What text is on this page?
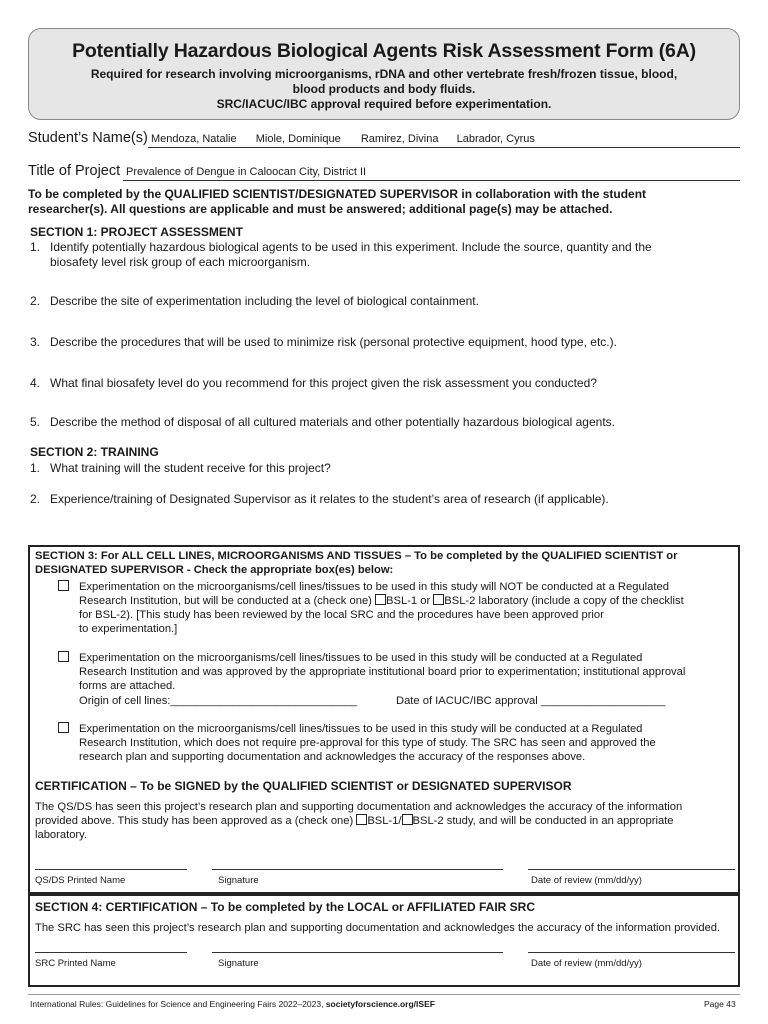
Potentially Hazardous Biological Agents Risk Assessment Form (6A)
Required for research involving microorganisms, rDNA and other vertebrate fresh/frozen tissue, blood,
blood products and body fluids.
SRC/IACUC/IBC approval required before experimentation.
Student’s Name(s) Mendoza, Natalie Miole, Dominique Ramirez, Divina Labrador, Cyrus
Title of Project Prevalence of Dengue in Caloocan City, District II
To be completed by the QUALIFIED SCIENTIST/DESIGNATED SUPERVISOR in collaboration with the student
researcher(s). All questions are applicable and must be answered; additional page(s) may be attached.
SECTION 1: PROJECT ASSESSMENT
1. Identify potentially hazardous biological agents to be used in this experiment. Include the source, quantity and the
biosafety level risk group of each microorganism.
2. Describe the site of experimentation including the level of biological containment.
3. Describe the procedures that will be used to minimize risk (personal protective equipment, hood type, etc.).
4. What final biosafety level do you recommend for this project given the risk assessment you conducted?
5. Describe the method of disposal of all cultured materials and other potentially hazardous biological agents.
SECTION 2: TRAINING
1. What training will the student receive for this project?
2. Experience/training of Designated Supervisor as it relates to the student’s area of research (if applicable).
SECTION 3: For ALL CELL LINES, MICROORGANISMS AND TISSUES – To be completed by the QUALIFIED SCIENTIST or
DESIGNATED SUPERVISOR - Check the appropriate box(es) below:
Experimentation on the microorganisms/cell lines/tissues to be used in this study will NOT be conducted at a Regulated
Research Institution, but will be conducted at a (check one) BSL-1 or BSL-2 laboratory (include a copy of the checklist
for BSL-2). [This study has been reviewed by the local SRC and the procedures have been approved prior
to experimentation.]
Experimentation on the microorganisms/cell lines/tissues to be used in this study will be conducted at a Regulated
Research Institution and was approved by the appropriate institutional board prior to experimentation; institutional approval
forms are attached.
Origin of cell lines:______________________________	Date of IACUC/IBC approval ____________________
Experimentation on the microorganisms/cell lines/tissues to be used in this study will be conducted at a Regulated
Research Institution, which does not require pre-approval for this type of study. The SRC has seen and approved the
research plan and supporting documentation and acknowledges the accuracy of the responses above.
CERTIFICATION – To be SIGNED by the QUALIFIED SCIENTIST or DESIGNATED SUPERVISOR
The QS/DS has seen this project’s research plan and supporting documentation and acknowledges the accuracy of the information
provided above. This study has been approved as a (check one) BSL-1/ BSL-2 study, and will be conducted in an appropriate
laboratory.
QS/DS Printed Name	Signature	Date of review (mm/dd/yy)
SECTION 4: CERTIFICATION – To be completed by the LOCAL or AFFILIATED FAIR SRC
The SRC has seen this project’s research plan and supporting documentation and acknowledges the accuracy of the information provided.
SRC Printed Name	Signature	Date of review (mm/dd/yy)
International Rules: Guidelines for Science and Engineering Fairs 2022–2023, societyforscience.org/ISEF	Page 43
